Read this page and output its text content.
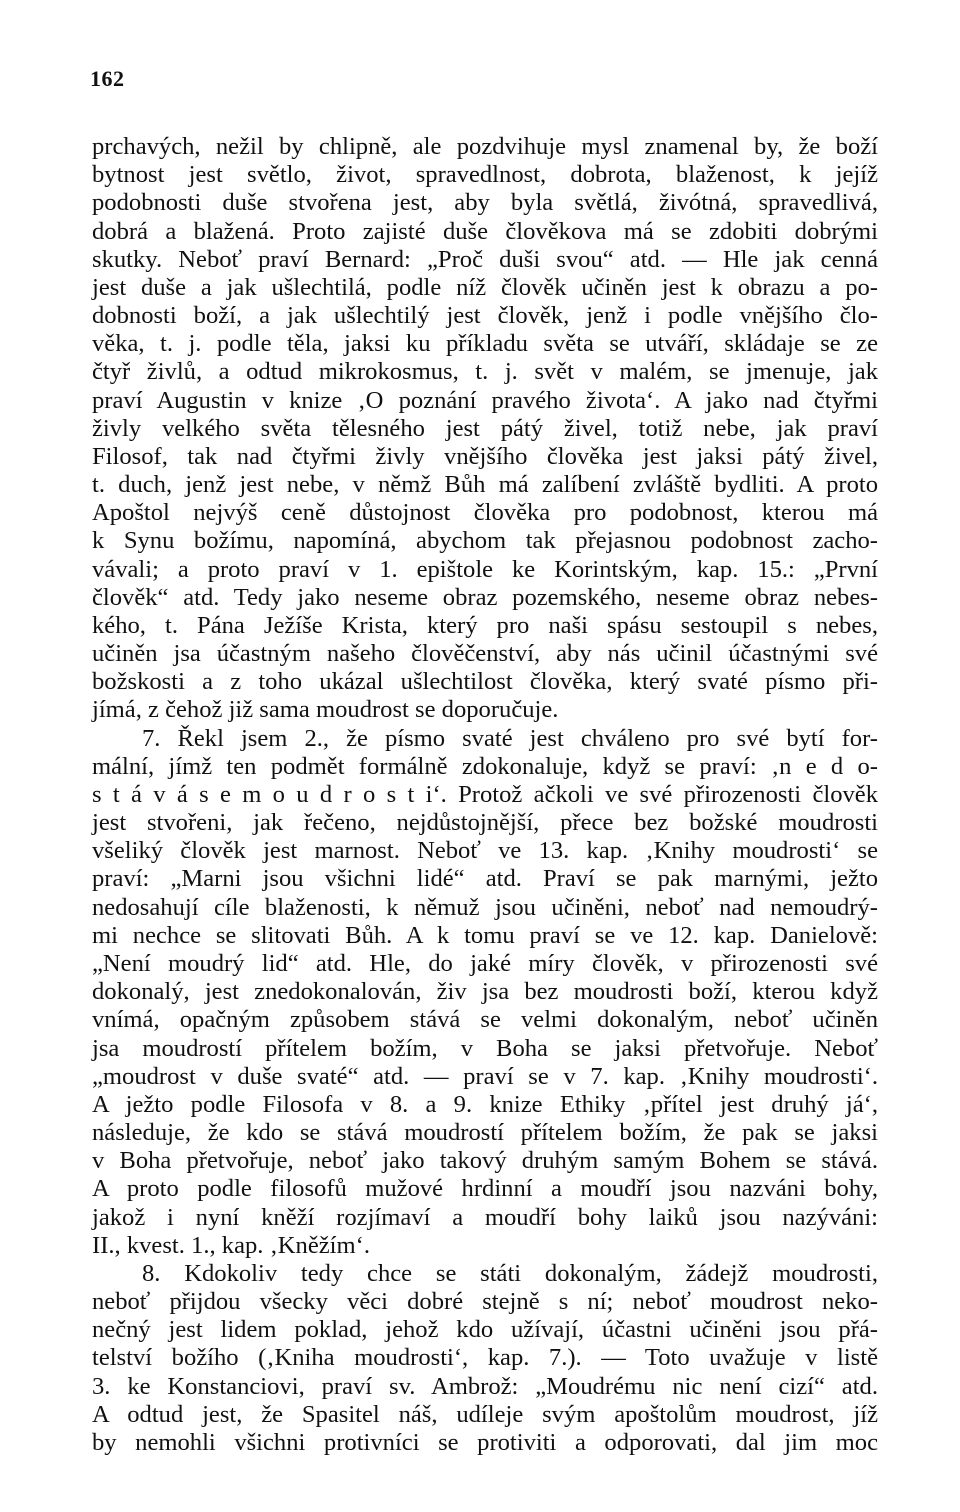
162
prchavých, nežil by chlipně, ale pozdvihuje mysl znamenal by, že boží
bytnost jest světlo, život, spravedlnost, dobrota, blaženost, k jejíž
podobnosti duše stvořena jest, aby byla světlá, živótná, spravedlivá,
dobrá a blažená. Proto zajisté duše člověkova má se zdobiti dobrými
skutky. Neboť praví Bernard: „Proč duši svou“ atd. — Hle jak cenná
jest duše a jak ušlechtilá, podle níž člověk učiněn jest k obrazu a po-
dobnosti boží, a jak ušlechtilý jest člověk, jenž i podle vnějšího člo-
věka, t. j. podle těla, jaksi ku příkladu světa se utváří, skládaje se ze
čtyř živlů, a odtud mikrokosmus, t. j. svět v malém, se jmenuje, jak
praví Augustin v knize ‚O poznání pravého života‘. A jako nad čtyřmi
živly velkého světa tělesného jest pátý živel, totiž nebe, jak praví
Filosof, tak nad čtyřmi živly vnějšího člověka jest jaksi pátý živel,
t. duch, jenž jest nebe, v němž Bůh má zalíbení zvláště bydliti. A proto
Apoštol nejvýš ceně důstojnost člověka pro podobnost, kterou má
k Synu božímu, napomíná, abychom tak přejasnou podobnost zacho-
vávali; a proto praví v 1. epištole ke Korintským, kap. 15.: „První
člověk“ atd. Tedy jako neseme obraz pozemského, neseme obraz nebes-
kého, t. Pána Ježíše Krista, který pro naši spásu sestoupil s nebes,
učiněn jsa účastným našeho člověčenství, aby nás učinil účastnými své
božskosti a z toho ukázal ušlechtilost člověka, který svaté písmo při-
jímá, z čehož již sama moudrost se doporučuje.
7. Řekl jsem 2., že písmo svaté jest chváleno pro své bytí for-
mální, jímž ten podmět formálně zdokonaluje, když se praví: ‚n e d o-
s t á v á s e m o u d r o s t i‘. Protož ačkoli ve své přirozenosti člověk
jest stvořeni, jak řečeno, nejdůstojnější, přece bez božské moudrosti
všeliký člověk jest marnost. Neboť ve 13. kap. ‚Knihy moudrosti‘ se
praví: „Marni jsou všichni lidé“ atd. Praví se pak marnými, ježto
nedosahují cíle blaženosti, k němuž jsou učiněni, neboť nad nemoudrý-
mi nechce se slitovati Bůh. A k tomu praví se ve 12. kap. Danielově:
„Není moudrý lid“ atd. Hle, do jaké míry člověk, v přirozenosti své
dokonalý, jest znedokonalován, živ jsa bez moudrosti boží, kterou když
vnímá, opačným způsobem stává se velmi dokonalým, neboť učiněn
jsa moudrostí přítelem božím, v Boha se jaksi přetvořuje. Neboť
„moudrost v duše svaté“ atd. — praví se v 7. kap. ‚Knihy moudrosti‘.
A ježto podle Filosofa v 8. a 9. knize Ethiky ‚přítel jest druhý já‘,
následuje, že kdo se stává moudrostí přítelem božím, že pak se jaksi
v Boha přetvořuje, neboť jako takový druhým samým Bohem se stává.
A proto podle filosofů mužové hrdinní a moudří jsou nazváni bohy,
jakož i nyní kněží rozjímaví a moudří bohy laiků jsou nazýváni:
II., kvest. 1., kap. ‚Kněžím‘.
8. Kdokoliv tedy chce se státi dokonalým, žádejž moudrosti,
neboť přijdou všecky věci dobré stejně s ní; neboť moudrost neko-
nečný jest lidem poklad, jehož kdo užívají, účastni učiněni jsou přá-
telství božího (‚Kniha moudrosti‘, kap. 7.). — Toto uvažuje v listě
3. ke Konstanciovi, praví sv. Ambrož: „Moudrému nic není cizí“ atd.
A odtud jest, že Spasitel náš, udíleje svým apoštolům moudrost, jíž
by nemohli všichni protivníci se protiviti a odporovati, dal jim moc
